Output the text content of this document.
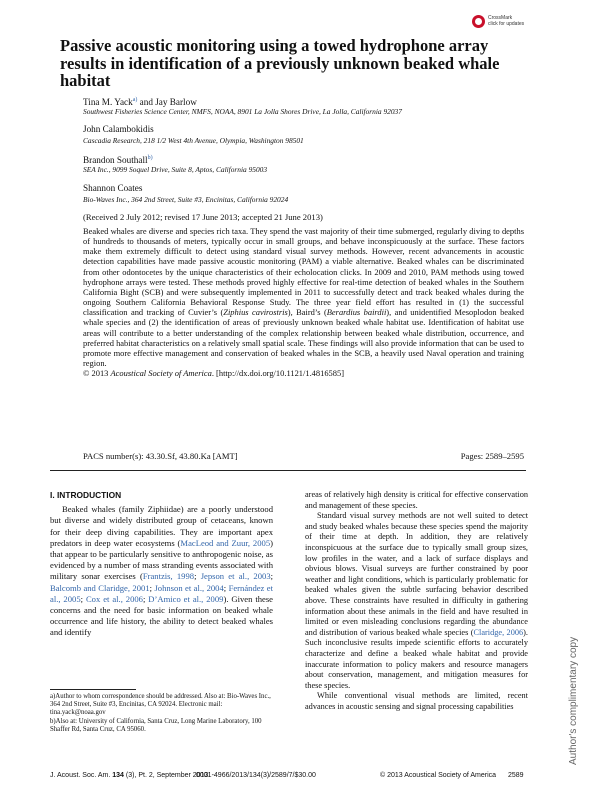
CrossMark
click for updates
Passive acoustic monitoring using a towed hydrophone array results in identification of a previously unknown beaked whale habitat
Tina M. Yack$^{a)}$ and Jay Barlow
Southwest Fisheries Science Center, NMFS, NOAA, 8901 La Jolla Shores Drive, La Jolla, California 92037
John Calambokidis
Cascadia Research, 218 1/2 West 4th Avenue, Olympia, Washington 98501
Brandon Southall$^{b)}$
SEA Inc., 9099 Soquel Drive, Suite 8, Aptos, California 95003
Shannon Coates
Bio-Waves Inc., 364 2nd Street, Suite #3, Encinitas, California 92024
(Received 2 July 2012; revised 17 June 2013; accepted 21 June 2013)
Beaked whales are diverse and species rich taxa. They spend the vast majority of their time submerged, regularly diving to depths of hundreds to thousands of meters, typically occur in small groups, and behave inconspicuously at the surface. These factors make them extremely difficult to detect using standard visual survey methods. However, recent advancements in acoustic detection capabilities have made passive acoustic monitoring (PAM) a viable alternative. Beaked whales can be discriminated from other odontocetes by the unique characteristics of their echolocation clicks. In 2009 and 2010, PAM methods using towed hydrophone arrays were tested. These methods proved highly effective for real-time detection of beaked whales in the Southern California Bight (SCB) and were subsequently implemented in 2011 to successfully detect and track beaked whales during the ongoing Southern California Behavioral Response Study. The three year field effort has resulted in (1) the successful classification and tracking of Cuvier’s (Ziphius cavirostris), Baird’s (Berardius bairdii), and unidentified Mesoplodon beaked whale species and (2) the identification of areas of previously unknown beaked whale habitat use. Identification of habitat use areas will contribute to a better understanding of the complex relationship between beaked whale distribution, occurrence, and preferred habitat characteristics on a relatively small spatial scale. These findings will also provide information that can be used to promote more effective management and conservation of beaked whales in the SCB, a heavily used Naval operation and training region.
© 2013 Acoustical Society of America. [http://dx.doi.org/10.1121/1.4816585]
PACS number(s): 43.30.Sf, 43.80.Ka [AMT]	Pages: 2589–2595
I. INTRODUCTION

Beaked whales (family Ziphiidae) are a poorly understood but diverse and widely distributed group of cetaceans, known for their deep diving capabilities. They are important apex predators in deep water ecosystems (MacLeod and Zuur, 2005) that appear to be particularly sensitive to anthropogenic noise, as evidenced by a number of mass stranding events associated with military sonar exercises (Frantzis, 1998; Jepson et al., 2003; Balcomb and Claridge, 2001; Johnson et al., 2004; Fernández et al., 2005; Cox et al., 2006; D’Amico et al., 2009). Given these concerns and the need for basic information on beaked whale occurrence and life history, the ability to detect beaked whales and identify

a)Author to whom correspondence should be addressed. Also at: Bio-Waves Inc., 364 2nd Street, Suite #3, Encinitas, CA 92024. Electronic mail: tina.yack@noaa.gov
b)Also at: University of California, Santa Cruz, Long Marine Laboratory, 100 Shaffer Rd, Santa Cruz, CA 95060.

areas of relatively high density is critical for effective conservation and management of these species.

Standard visual survey methods are not well suited to detect and study beaked whales because these species spend the majority of their time at depth. In addition, they are relatively inconspicuous at the surface due to typically small group sizes, low profiles in the water, and a lack of surface displays and obvious blows. Visual surveys are further constrained by poor weather and light conditions, which is particularly problematic for beaked whales given the subtle surfacing behavior described above. These constraints have resulted in difficulty in gathering information about these animals in the field and have resulted in limited or even misleading conclusions regarding the abundance and distribution of various beaked whale species (Claridge, 2006). Such inconclusive results impede scientific efforts to accurately characterize and define a beaked whale habitat and provide inaccurate information to policy makers and resource managers about conservation, management, and mitigation measures for these species.

While conventional visual methods are limited, recent advances in acoustic sensing and signal processing capabilities

J. Acoust. Soc. Am. 134 (3), Pt. 2, September 2013
0001-4966/2013/134(3)/2589/7/$30.00	© 2013 Acoustical Society of America 2589
Author's complimentary copy
